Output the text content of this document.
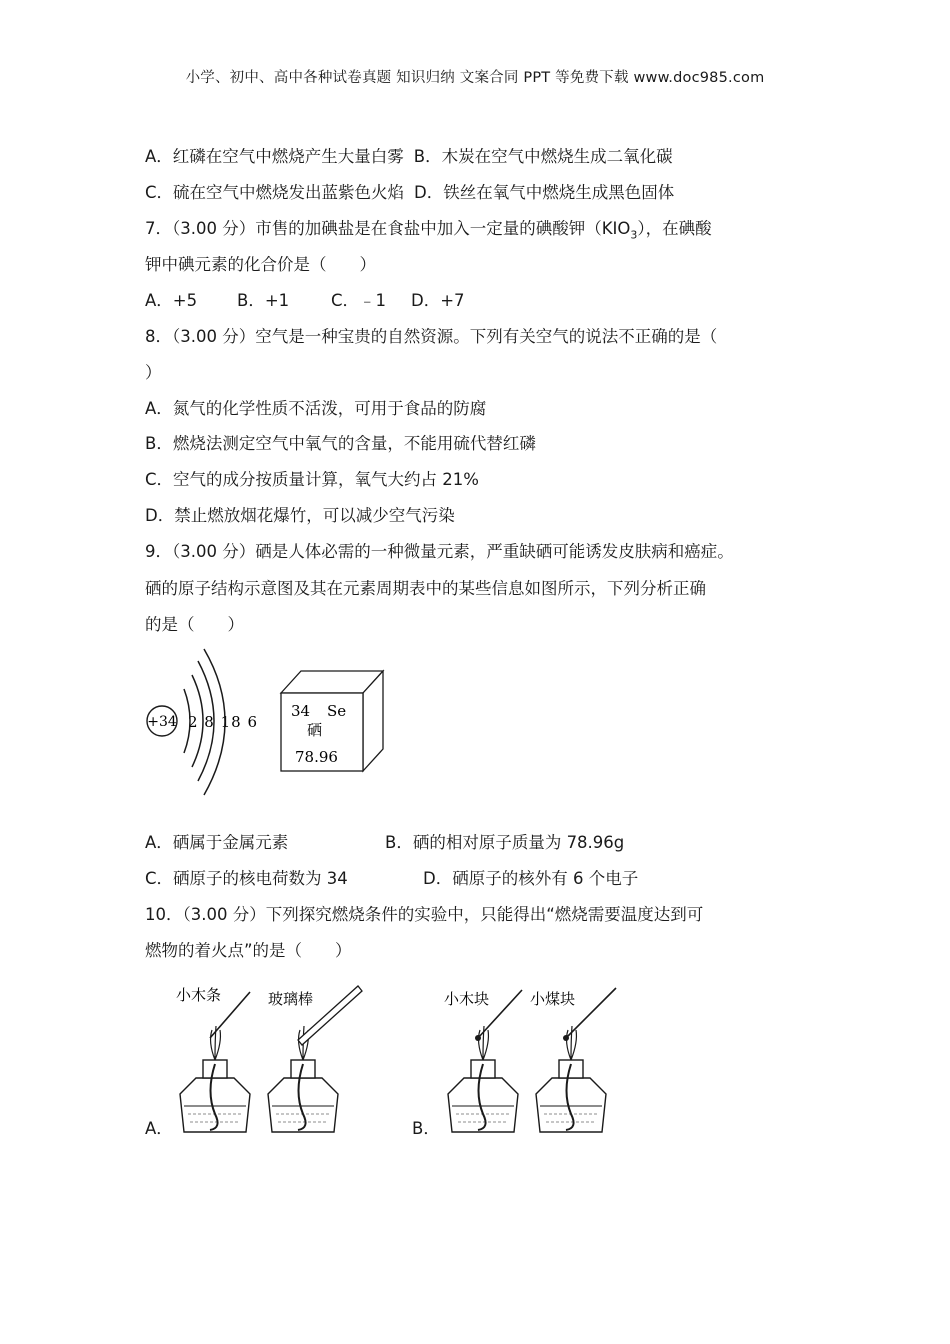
小学、初中、高中各种试卷真题 知识归纳 文案合同 PPT 等免费下载 www.doc985.com
A．红磷在空气中燃烧产生大量白雾 B．木炭在空气中燃烧生成二氧化碳
C．硫在空气中燃烧发出蓝紫色火焰 D．铁丝在氧气中燃烧生成黑色固体
7．（3.00 分）市售的加碘盐是在食盐中加入一定量的碘酸钾$(KIO_3)$，在碘酸
钾中碘元素的化合价是（　　）
A．+5 B．+1	C．﹣1 D．+7
8．（3.00 分）空气是一种宝贵的自然资源。下列有关空气的说法不正确的是（
）
A．氮气的化学性质不活泼，可用于食品的防腐
B．燃烧法测定空气中氧气的含量，不能用硫代替红磷
C．空气的成分按质量计算，氧气大约占 21%
D．禁止燃放烟花爆竹，可以减少空气污染
9．（3.00 分）硒是人体必需的一种微量元素，严重缺硒可能诱发皮肤病和癌症。
硒的原子结构示意图及其在元素周期表中的某些信息如图所示，下列分析正确
的是（　　）
+34 2 8 18 6
34 Se
硒
78.96
A．硒属于金属元素	B．硒的相对原子质量为 78.96g
C．硒原子的核电荷数为 34	D．硒原子的核外有 6 个电子
10．（3.00 分）下列探究燃烧条件的实验中，只能得出“燃烧需要温度达到可
燃物的着火点”的是（　　）
小木条	玻璃棒
A．
小木块	小煤块
B．
